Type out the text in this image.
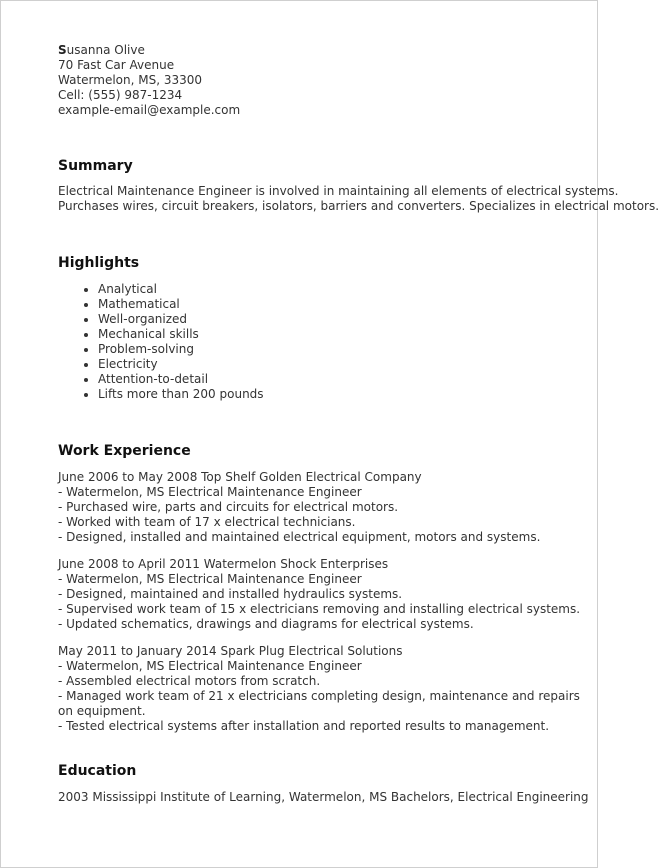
Susanna Olive
70 Fast Car Avenue
Watermelon, MS, 33300
Cell: (555) 987-1234
example-email@example.com
Summary
Electrical Maintenance Engineer is involved in maintaining all elements of electrical systems.
Purchases wires, circuit breakers, isolators, barriers and converters. Specializes in electrical motors.
Highlights
• Analytical
• Mathematical
• Well-organized
• Mechanical skills
• Problem-solving
• Electricity
• Attention-to-detail
• Lifts more than 200 pounds
Work Experience
June 2006 to May 2008 Top Shelf Golden Electrical Company
- Watermelon, MS Electrical Maintenance Engineer
- Purchased wire, parts and circuits for electrical motors.
- Worked with team of 17 x electrical technicians.
- Designed, installed and maintained electrical equipment, motors and systems.
June 2008 to April 2011 Watermelon Shock Enterprises
- Watermelon, MS Electrical Maintenance Engineer
- Designed, maintained and installed hydraulics systems.
- Supervised work team of 15 x electricians removing and installing electrical systems.
- Updated schematics, drawings and diagrams for electrical systems.
May 2011 to January 2014 Spark Plug Electrical Solutions
- Watermelon, MS Electrical Maintenance Engineer
- Assembled electrical motors from scratch.
- Managed work team of 21 x electricians completing design, maintenance and repairs on equipment.
- Tested electrical systems after installation and reported results to management.
Education
2003 Mississippi Institute of Learning, Watermelon, MS Bachelors, Electrical Engineering
